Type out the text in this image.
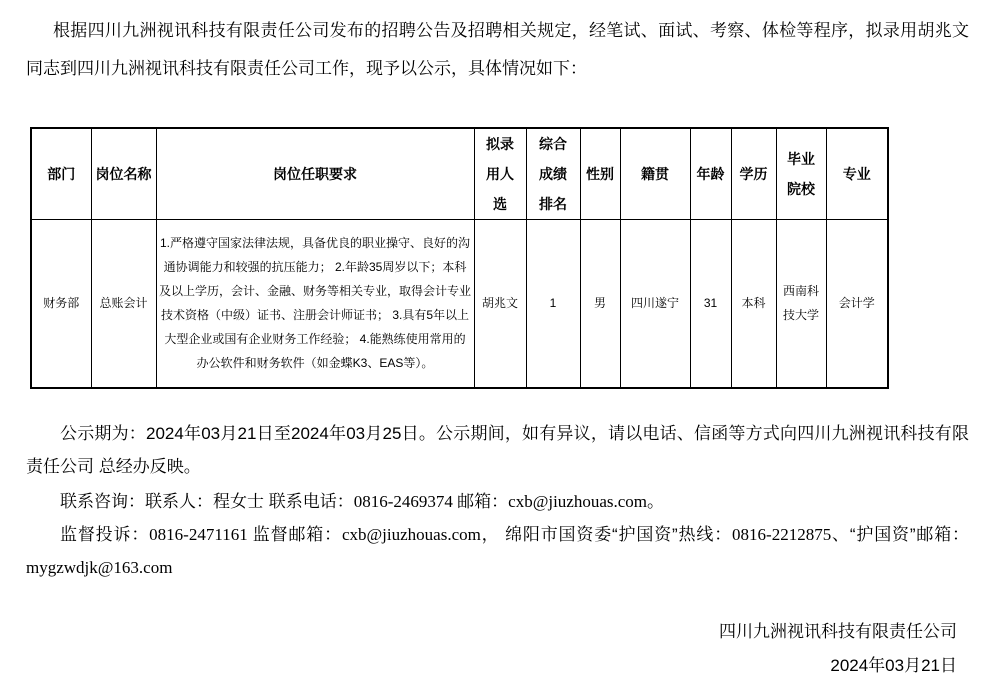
根据四川九洲视讯科技有限责任公司发布的招聘公告及招聘相关规定，经笔试、面试、考察、体检等程序，拟录用胡兆文同志到四川九洲视讯科技有限责任公司工作，现予以公示，具体情况如下：

部门	岗位名称	岗位任职要求	拟录用人选	综合成绩排名	性别	籍贯	年龄	学历	毕业院校	专业
财务部	总账会计	1.严格遵守国家法律法规，具备优良的职业操守、良好的沟通协调能力和较强的抗压能力； 2.年龄35周岁以下；本科及以上学历，会计、金融、财务等相关专业，取得会计专业技术资格（中级）证书、注册会计师证书； 3.具有5年以上大型企业或国有企业财务工作经验； 4.能熟练使用常用的办公软件和财务软件（如金蝶K3、EAS等）。	胡兆文	1	男	四川遂宁	31	本科	西南科技大学	会计学

公示期为：2024年03月21日至2024年03月25日。公示期间，如有异议，请以电话、信函等方式向四川九洲视讯科技有限责任公司 总经办反映。

联系咨询：联系人：程女士 联系电话：0816-2469374 邮箱：cxb@jiuzhouas.com。

监督投诉：0816-2471161 监督邮箱：cxb@jiuzhouas.com， 绵阳市国资委“护国资”热线：0816-2212875、“护国资”邮箱：mygzwdjk@163.com

四川九洲视讯科技有限责任公司
2024年03月21日
